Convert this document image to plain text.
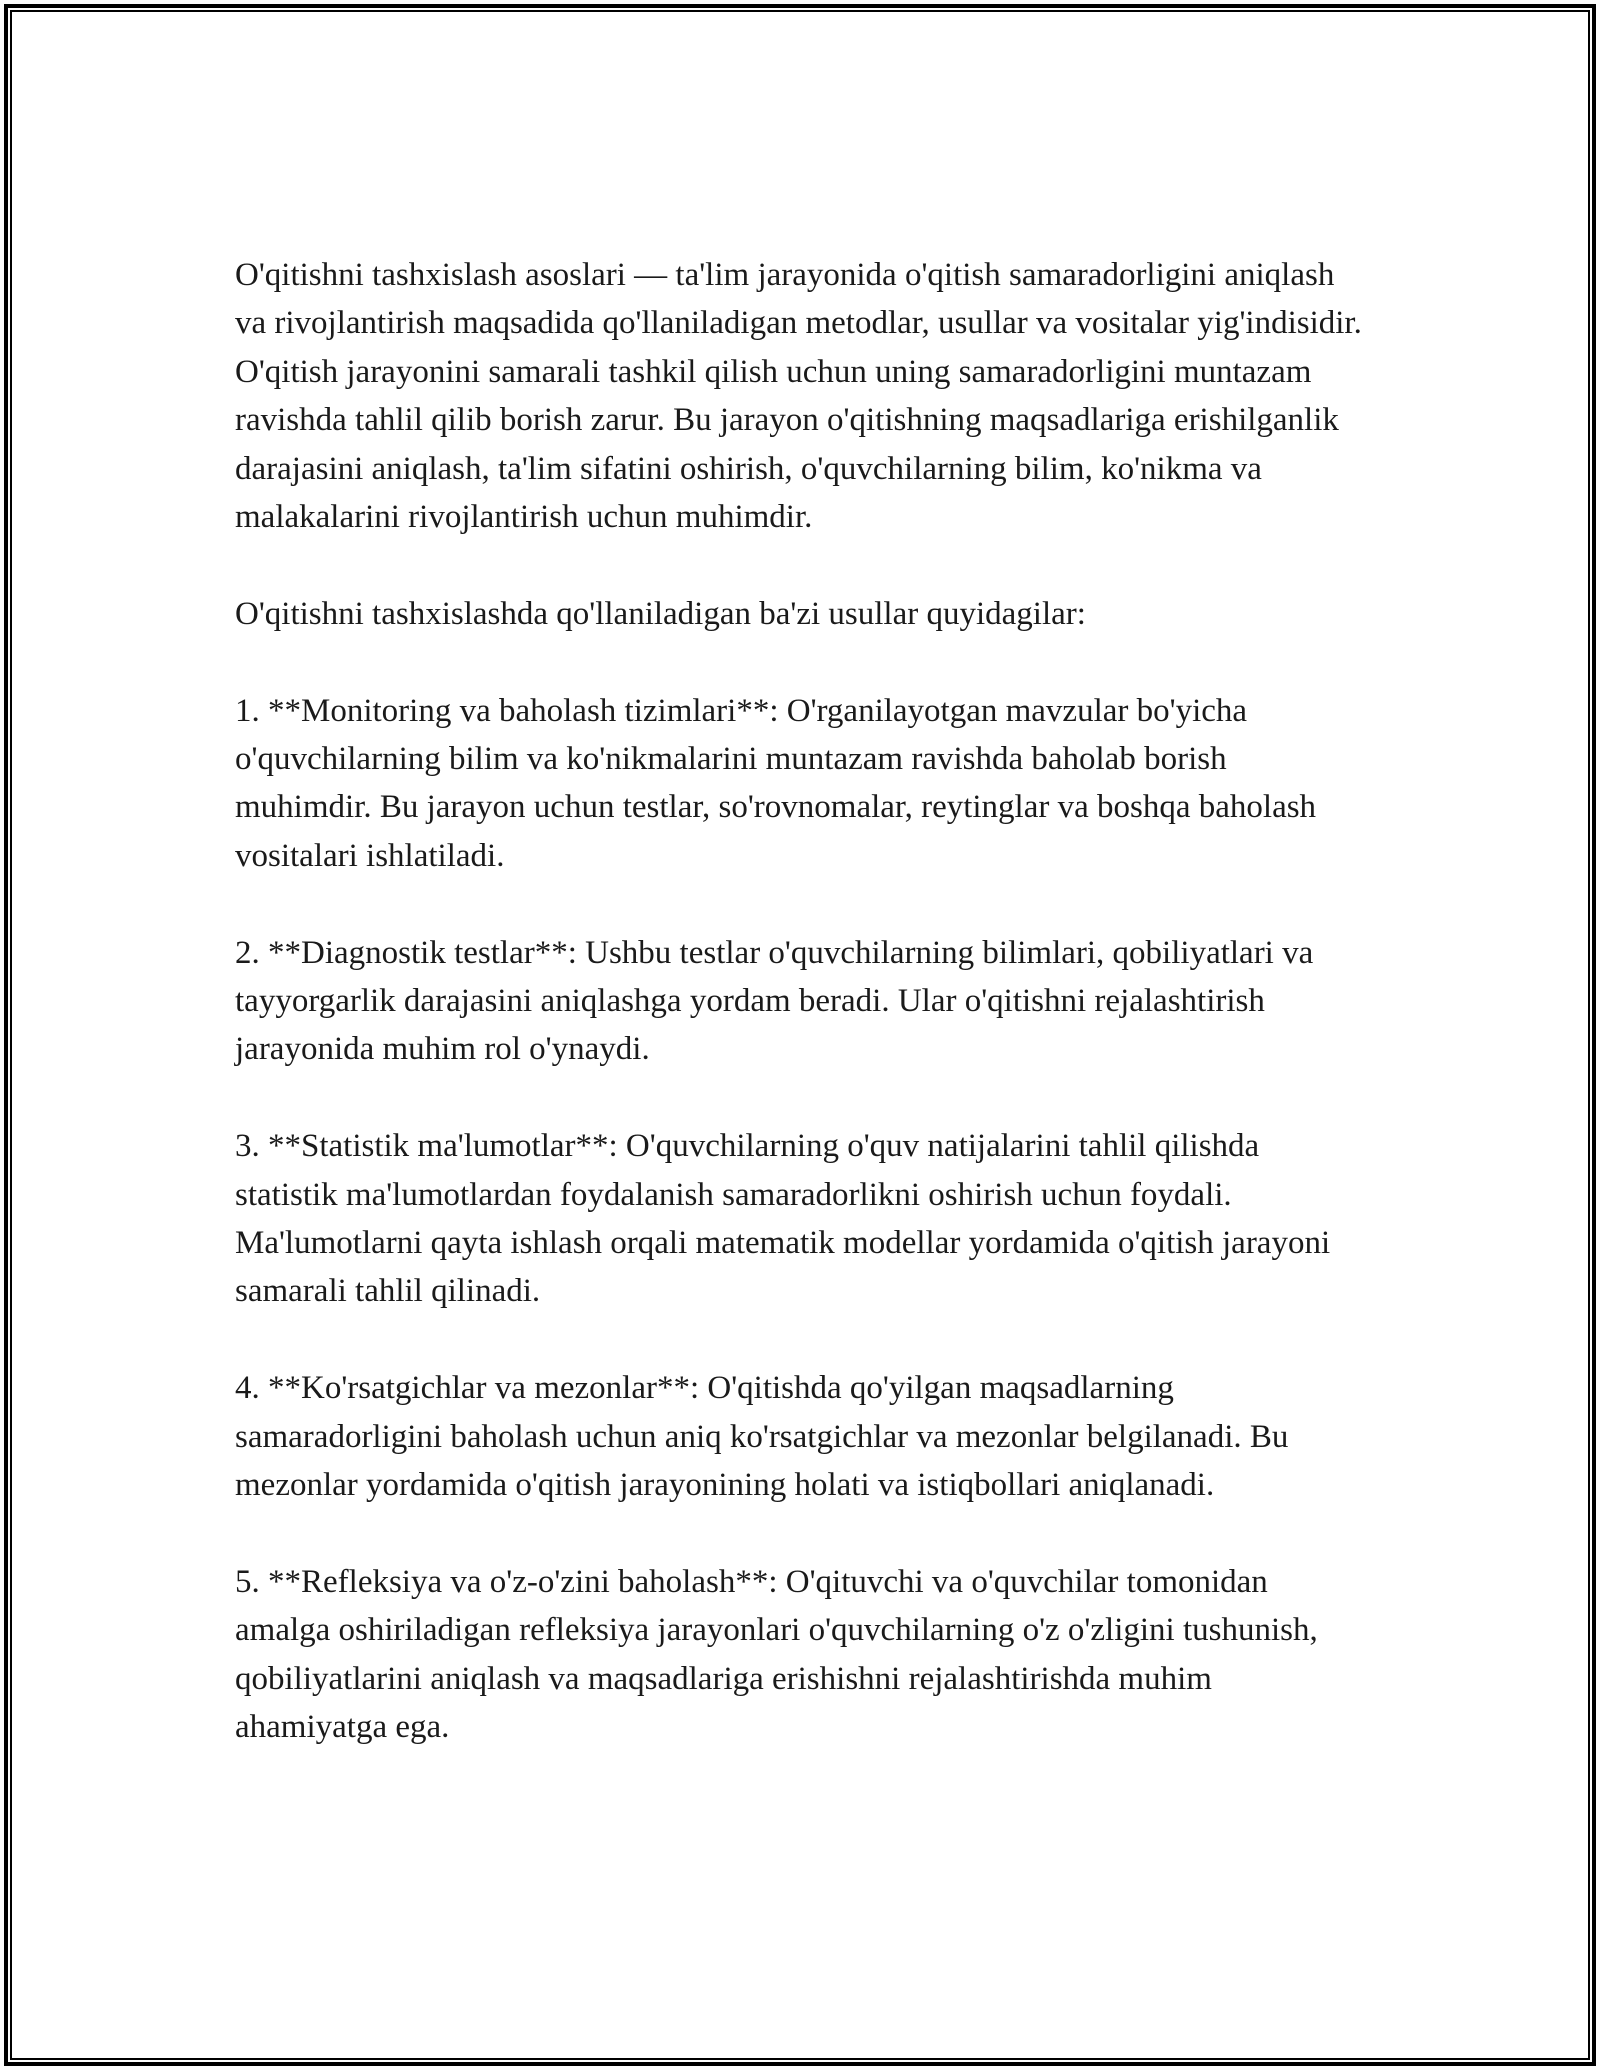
O'qitishni tashxislash asoslari — ta'lim jarayonida o'qitish samaradorligini aniqlash va rivojlantirish maqsadida qo'llaniladigan metodlar, usullar va vositalar yig'indisidir. O'qitish jarayonini samarali tashkil qilish uchun uning samaradorligini muntazam ravishda tahlil qilib borish zarur. Bu jarayon o'qitishning maqsadlariga erishilganlik darajasini aniqlash, ta'lim sifatini oshirish, o'quvchilarning bilim, ko'nikma va malakalarini rivojlantirish uchun muhimdir.

O'qitishni tashxislashda qo'llaniladigan ba'zi usullar quyidagilar:

1. **Monitoring va baholash tizimlari**: O'rganilayotgan mavzular bo'yicha o'quvchilarning bilim va ko'nikmalarini muntazam ravishda baholab borish muhimdir. Bu jarayon uchun testlar, so'rovnomalar, reytinglar va boshqa baholash vositalari ishlatiladi.

2. **Diagnostik testlar**: Ushbu testlar o'quvchilarning bilimlari, qobiliyatlari va tayyorgarlik darajasini aniqlashga yordam beradi. Ular o'qitishni rejalashtirish jarayonida muhim rol o'ynaydi.

3. **Statistik ma'lumotlar**: O'quvchilarning o'quv natijalarini tahlil qilishda statistik ma'lumotlardan foydalanish samaradorlikni oshirish uchun foydali. Ma'lumotlarni qayta ishlash orqali matematik modellar yordamida o'qitish jarayoni samarali tahlil qilinadi.

4. **Ko'rsatgichlar va mezonlar**: O'qitishda qo'yilgan maqsadlarning samaradorligini baholash uchun aniq ko'rsatgichlar va mezonlar belgilanadi. Bu mezonlar yordamida o'qitish jarayonining holati va istiqbollari aniqlanadi.

5. **Refleksiya va o'z-o'zini baholash**: O'qituvchi va o'quvchilar tomonidan amalga oshiriladigan refleksiya jarayonlari o'quvchilarning o'z o'zligini tushunish, qobiliyatlarini aniqlash va maqsadlariga erishishni rejalashtirishda muhim ahamiyatga ega.
